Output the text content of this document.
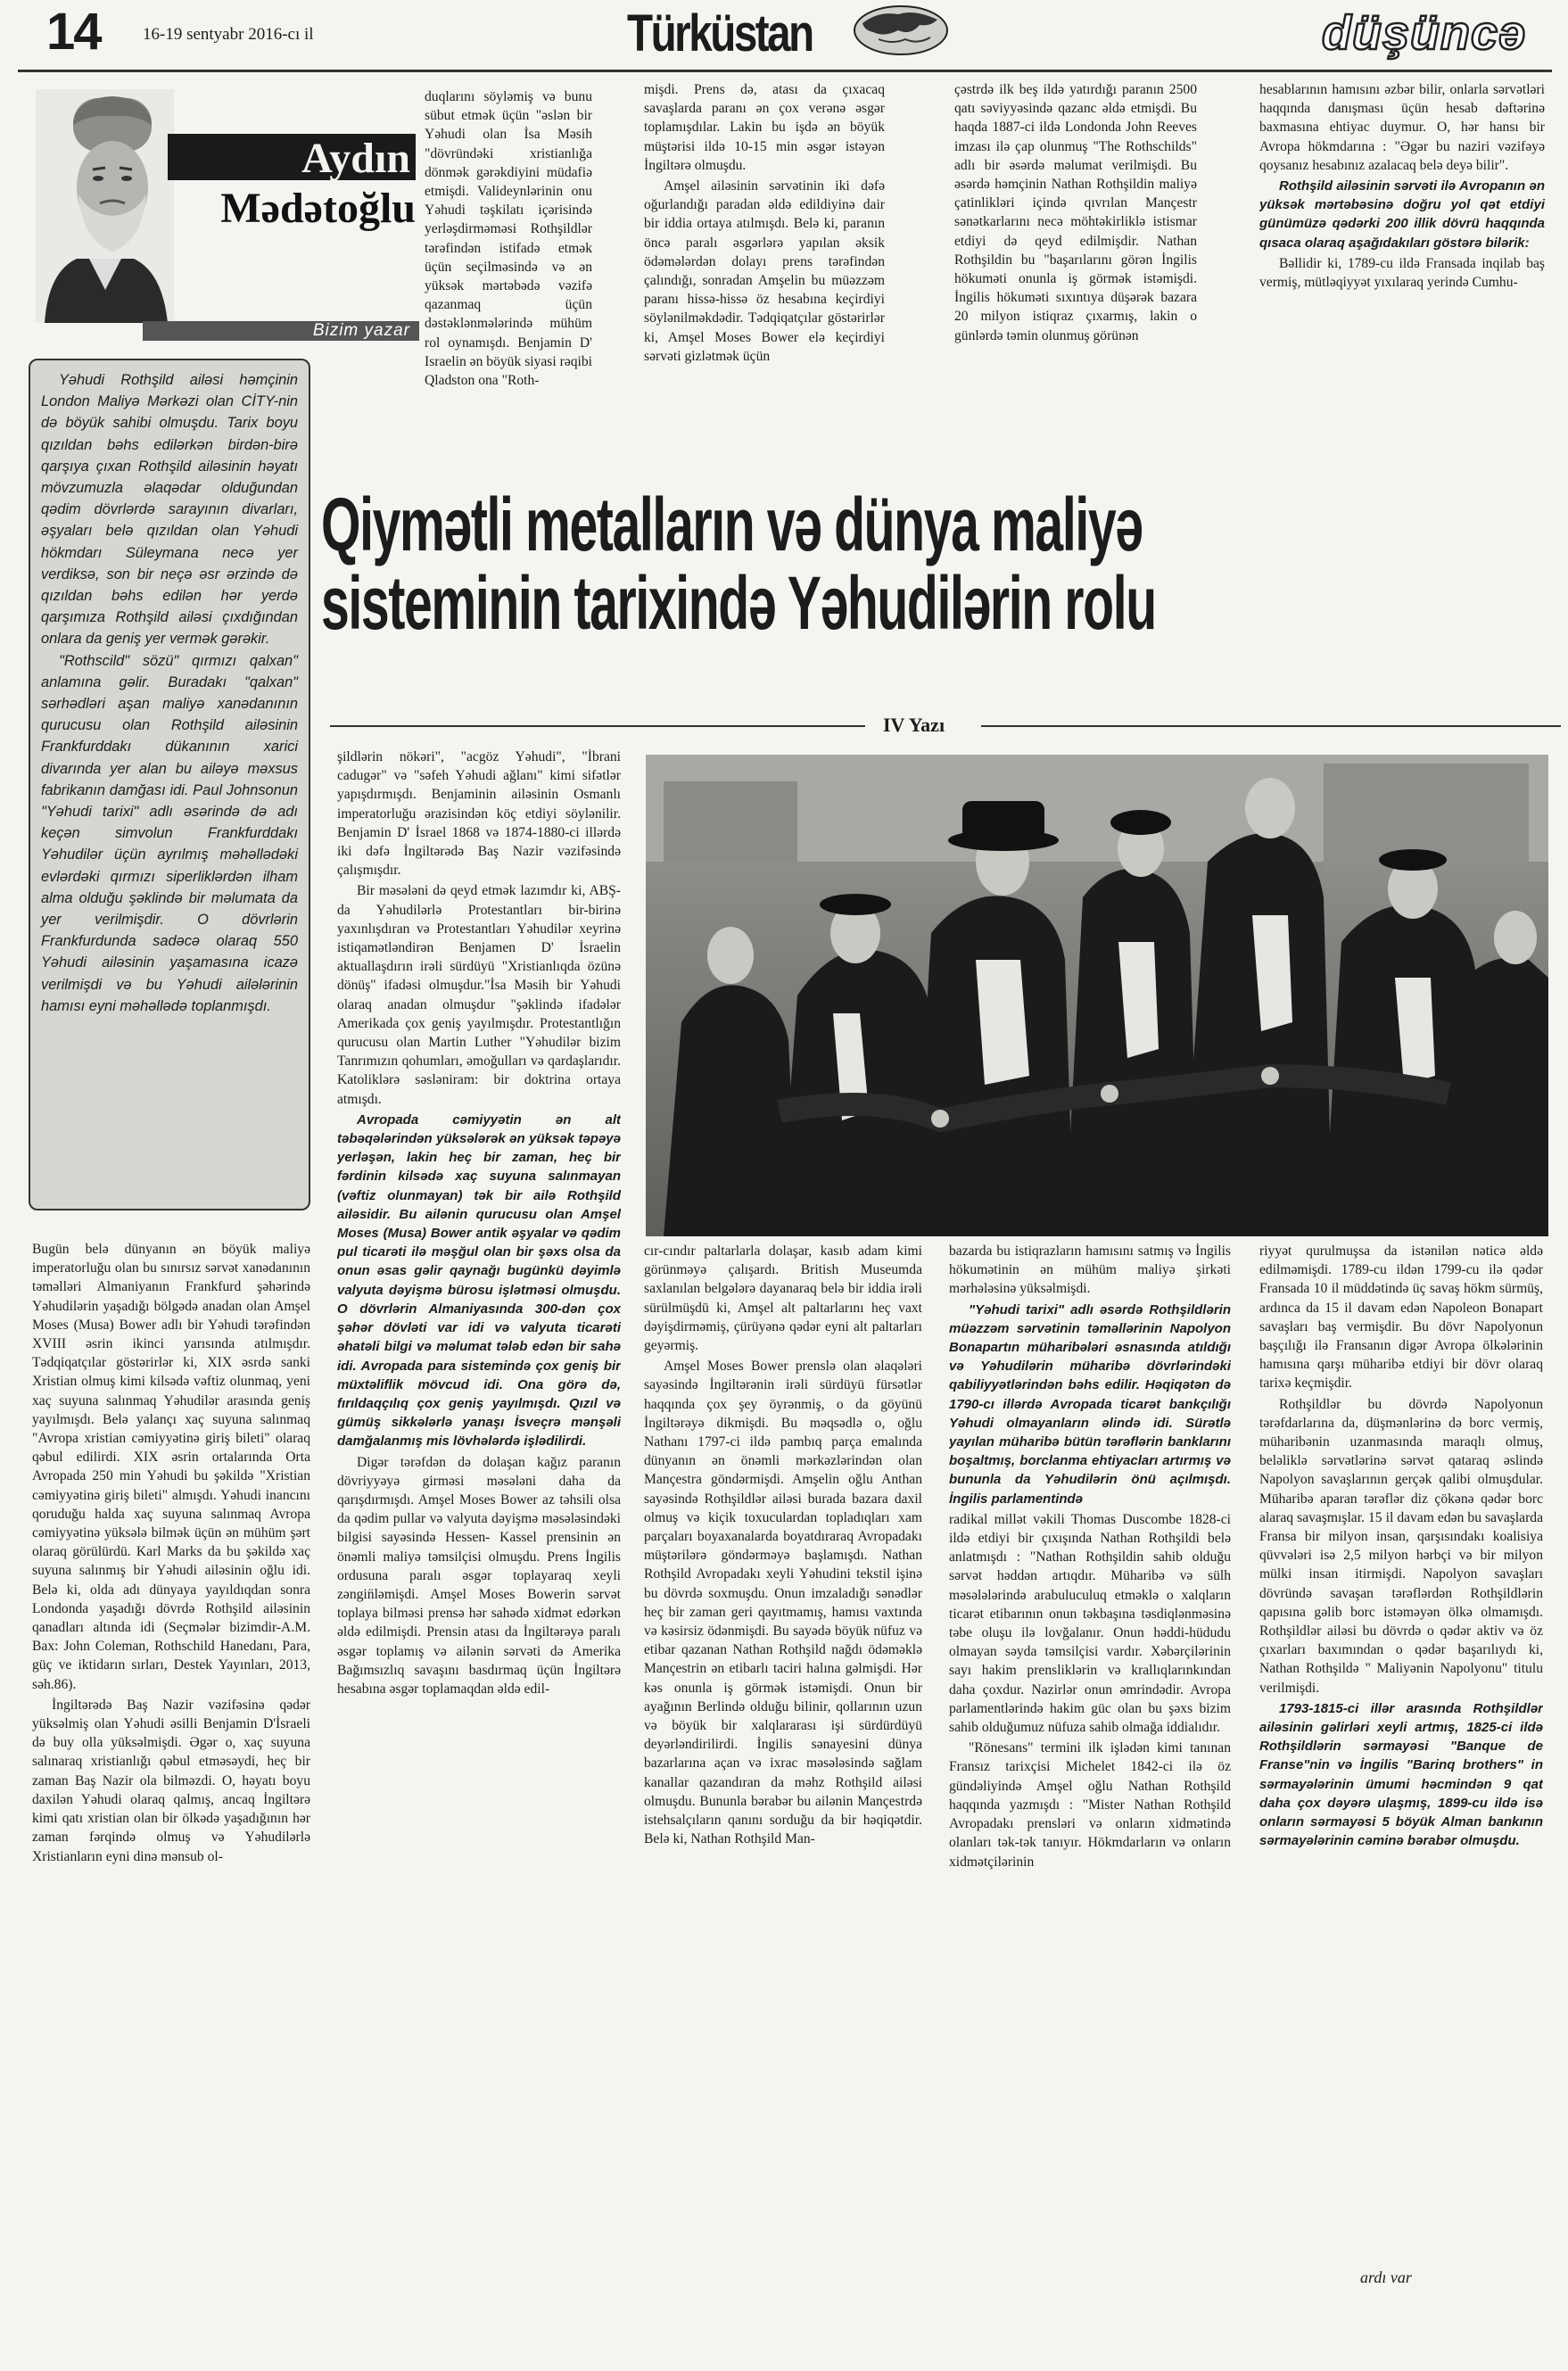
14 16-19 sentyabr 2016-cı il	Türküstan	düşüncə
Aydın
Mədətoğlu
Bizim yazar

Yəhudi Rothşild ailəsi həmçinin London Maliyə Mərkəzi olan CİTY-nin də böyük sahibi olmuşdu. Tarix boyu qızıldan bəhs edilərkən birdən-birə qarşıya çıxan Rothşild ailəsinin həyatı mövzumuzla əlaqədar olduğundan qədim dövrlərdə sarayının divarları, əşyaları belə qızıldan olan Yəhudi hökmdarı Süleymana necə yer verdiksə, son bir neçə əsr ərzində də qızıldan bəhs edilən hər yerdə qarşımıza Rothşild ailəsi çıxdığından onlara da geniş yer vermək gərəkir.

"Rothscild" sözü" qırmızı qalxan" anlamına gəlir. Buradakı "qalxan" sərhədləri aşan maliyə xanədanının qurucusu olan Rothşild ailəsinin Frankfurddakı dükanının xarici divarında yer alan bu ailəyə məxsus fabrikanın damğası idi. Paul Johnsonun "Yəhudi tarixi" adlı əsərində də adı keçən simvolun Frankfurddakı Yəhudilər üçün ayrılmış məhəllədəki evlərdəki qırmızı siperliklərdən ilham alma olduğu şəklində bir məlumata da yer verilmişdir. O dövrlərin Frankfurdunda sadəcə olaraq 550 Yəhudi ailəsinin yaşamasına icazə verilmişdi və bu Yəhudi ailələrinin hamısı eyni məhəllədə toplanmışdı.

duqlarını söyləmiş və bunu sübut etmək üçün "əslən bir Yəhudi olan İsa Məsih "dövründəki xristianlığa dönmək gərəkdiyini müdafiə etmişdi. Valideynlərinin onu Yəhudi təşkilatı içərisində yerləşdirməməsi Rothşildlər tərəfindən istifadə etmək üçün seçilməsində və ən yüksək mərtəbədə vəzifə qazanmaq üçün dəstəklənmələrində mühüm rol oynamışdı. Benjamin D' Israelin ən böyük siyasi rəqibi Qladston ona "Roth-

mişdi. Prens də, atası da çıxacaq savaşlarda paranı ən çox verənə əsgər toplamışdılar. Lakin bu işdə ən böyük müştərisi ildə 10-15 min əsgər istəyən İngiltərə olmuşdu.

Amşel ailəsinin sərvətinin iki dəfə oğurlandığı paradan əldə edildiyinə dair bir iddia ortaya atılmışdı. Belə ki, paranın öncə paralı əsgərlərə yapılan əksik ödəmələrdən dolayı prens tərəfindən çalındığı, sonradan Amşelin bu müəzzəm paranı hissə-hissə öz hesabına keçirdiyi söylənilməkdədir. Tədqiqatçılar göstərirlər ki, Amşel Moses Bower elə keçirdiyi sərvəti gizlətmək üçün

çəstrdə ilk beş ildə yatırdığı paranın 2500 qatı səviyyəsində qazanc əldə etmişdi. Bu haqda 1887-ci ildə Londonda John Reeves imzası ilə çap olunmuş "The Rothschilds" adlı bir əsərdə məlumat verilmişdi. Bu əsərdə həmçinin Nathan Rothşildin maliyə çatinlikləri içində qıvrılan Mançestr sənətkarlarını necə möhtəkirliklə istismar etdiyi də qeyd edilmişdir. Nathan Rothşildin bu "başarılarını görən İngilis hökuməti onunla iş görmək istəmişdi. İngilis hökuməti sıxıntıya düşərək bazara 20 milyon istiqraz çıxarmış, lakin o günlərdə təmin olunmuş görünən

hesablarının hamısını əzbər bilir, onlarla sərvətləri haqqında danışması üçün hesab dəftərinə baxmasına ehtiyac duymur. O, hər hansı bir Avropa hökmdarına : "Əgər bu naziri vəzifəyə qoysanız hesabınız azalacaq belə deyə bilir".

Rothşild ailəsinin sərvəti ilə Avropanın ən yüksək mərtəbəsinə doğru yol qət etdiyi günümüzə qədərki 200 illik dövrü haqqında qısaca olaraq aşağıdakıları göstərə bilərik:

Bəllidir ki, 1789-cu ildə Fransada inqilab baş vermiş, mütləqiyyət yıxılaraq yerində Cumhu-

Qiymətli metalların və dünya maliyə
sisteminin tarixində Yəhudilərin rolu
IV Yazı

Bugün belə dünyanın ən böyük maliyə imperatorluğu olan bu sınırsız sərvət xanədanının təməlləri Almaniyanın Frankfurd şəhərində Yəhudilərin yaşadığı bölgədə anadan olan Amşel Moses (Musa) Bower adlı bir Yəhudi tərəfindən XVIII əsrin ikinci yarısında atılmışdır. Tədqiqatçılar göstərirlər ki, XIX əsrdə sanki Xristian olmuş kimi kilsədə vəftiz olunmaq, yeni xaç suyuna salınmaq Yəhudilər arasında geniş yayılmışdı. Belə yalançı xaç suyuna salınmaq "Avropa xristian cəmiyyətinə giriş bileti" olaraq qəbul edilirdi. XIX əsrin ortalarında Orta Avropada 250 min Yəhudi bu şəkildə "Xristian cəmiyyətinə giriş bileti" almışdı. Yəhudi inancını qoruduğu halda xaç suyuna salınmaq Avropa cəmiyyətinə yüksələ bilmək üçün ən mühüm şərt olaraq görülürdü. Karl Marks da bu şəkildə xaç suyuna salınmış bir Yəhudi ailəsinin oğlu idi. Belə ki, olda adı dünyaya yayıldıqdan sonra Londonda yaşadığı dövrdə Rothşild ailəsinin qanadları altında idi (Seçmələr bizimdir-A.M. Bax: John Coleman, Rothschild Hanedanı, Para, güç ve iktidarın sırları, Destek Yayınları, 2013, səh.86).

İngiltərədə Baş Nazir vəzifəsinə qədər yüksəlmiş olan Yəhudi əsilli Benjamin D'İsraeli də buy olla yüksəlmişdi. Əgər o, xaç suyuna salınaraq xristianlığı qəbul etməsəydi, heç bir zaman Baş Nazir ola bilməzdi. O, həyatı boyu daxilən Yəhudi olaraq qalmış, ancaq İngiltərə kimi qatı xristian olan bir ölkədə yaşadığının hər zaman fərqində olmuş və Yəhudilərlə Xristianların eyni dinə mənsub ol-

şildlərin nökəri", "acgöz Yəhudi", "İbrani cadugər" və "səfeh Yəhudi ağlanı" kimi sifətlər yapışdırmışdı. Benjaminin ailəsinin Osmanlı imperatorluğu ərazisindən köç etdiyi söylənilir. Benjamin D' İsrael 1868 və 1874-1880-ci illərdə iki dəfə İngiltərədə Baş Nazir vəzifəsində çalışmışdır.

Bir məsələni də qeyd etmək lazımdır ki, ABŞ-da Yəhudilərlə Protestantları bir-birinə yaxınlışdıran və Protestantları Yəhudilər xeyrinə istiqamətləndirən Benjamen D' İsraelin aktuallaşdırın irəli sürdüyü "Xristianlıqda özünə dönüş" ifadəsi olmuşdur."İsa Məsih bir Yəhudi olaraq anadan olmuşdur "şəklində ifadələr Amerikada çox geniş yayılmışdır. Protestantlığın qurucusu olan Martin Luther "Yəhudilər bizim Tanrımızın qohumları, əmoğulları və qardaşlarıdır. Katoliklərə səsləniram: bir doktrina ortaya atmışdı.

Avropada cəmiyyətin ən alt təbəqələrindən yüksələrək ən yüksək təpəyə yerləşən, lakin heç bir zaman, heç bir fərdinin kilsədə xaç suyuna salınmayan (vəftiz olunmayan) tək bir ailə Rothşild ailəsidir. Bu ailənin qurucusu olan Amşel Moses (Musa) Bower antik əşyalar və qədim pul ticarəti ilə məşğul olan bir şəxs olsa da onun əsas gəlir qaynağı bugünkü dəyimlə valyuta dəyişmə bürosu işlətməsi olmuşdu. O dövrlərin Almaniyasında 300-dən çox şəhər dövləti var idi və valyuta ticarəti əhatəli bilgi və məlumat tələb edən bir sahə idi. Avropada para sistemində çox geniş bir müxtəliflik mövcud idi. Ona görə də, fırıldaqçılıq çox geniş yayılmışdı. Qızıl və gümüş sikkələrlə yanaşı İsveçrə mənşəli damğalanmış mis lövhələrdə işlədilirdi.

Digər tərəfdən də dolaşan kağız paranın dövriyyəyə girməsi məsələni daha da qarışdırmışdı. Amşel Moses Bower az təhsili olsa da qədim pullar və valyuta dəyişmə məsələsindəki bilgisi sayəsində Hessen- Kassel prensinin ən önəmli maliyə təmsilçisi olmuşdu. Prens İngilis ordusuna paralı əsgər toplayaraq xeyli zəngin̈ləmişdi. Amşel Moses Bowerin sərvət toplaya bilməsi prensə hər sahədə xidmət edərkən əldə edilmişdi. Prensin atası da İngiltərəyə paralı əsgər toplamış və ailənin sərvəti də Amerika Bağımsızlıq savaşını basdırmaq üçün İngiltərə hesabına əsgər toplamaqdan əldə edil-

cır-cındır paltarlarla dolaşar, kasıb adam kimi görünməyə çalışardı. British Museumda saxlanılan belgələrə dayanaraq belə bir iddia irəli sürülmüşdü ki, Amşel alt paltarlarını heç vaxt dəyişdirməmiş, çürüyənə qədər eyni alt paltarları geyərmiş.

Amşel Moses Bower prenslə olan əlaqələri sayəsində İngiltərənin irəli sürdüyü fürsətlər haqqında çox şey öyrənmiş, o da göyünü İngiltərəyə dikmişdi. Bu məqsədlə o, oğlu Nathanı 1797-ci ildə pambıq parça emalında dünyanın ən önəmli mərkəzlərindən olan Mançestra göndərmişdi. Amşelin oğlu Anthan sayəsində Rothşildlər ailəsi burada bazara daxil olmuş və kiçik toxuculardan topladıqları xam parçaları boyaxanalarda boyatdıraraq Avropadakı müştərilərə göndərməyə başlamışdı. Nathan Rothşild Avropadakı xeyli Yəhudini tekstil işinə bu dövrdə soxmuşdu. Onun imzaladığı sənədlər heç bir zaman geri qayıtmamış, hamısı vaxtında və kəsirsiz ödənmişdi. Bu sayədə böyük nüfuz və etibar qazanan Nathan Rothşild nağdı ödəməklə Mançestrin ən etibarlı taciri halına gəlmişdi. Hər kəs onunla iş görmək istəmişdi. Onun bir ayağının Berlində olduğu bilinir, qollarının uzun və böyük bir xalqlararası işi sürdürdüyü deyərləndirilirdi. İngilis sənayesini dünya bazarlarına açan və ixrac məsələsində sağlam kanallar qazandıran da məhz Rothşild ailəsi olmuşdu. Bununla bərabər bu ailənin Mançestrdə istehsalçıların qanını sorduğu da bir həqiqətdir. Belə ki, Nathan Rothşild Man-

bazarda bu istiqrazların hamısını satmış və İngilis hökumətinin ən mühüm maliyə şirkəti mərhələsinə yüksəlmişdi.

"Yəhudi tarixi" adlı əsərdə Rothşildlərin müəzzəm sərvətinin təməllərinin Napolyon Bonapartın müharibələri əsnasında atıldığı və Yəhudilərin müharibə dövrlərindəki qabiliyyətlərindən bəhs edilir. Həqiqətən də 1790-cı illərdə Avropada ticarət bankçılığı Yəhudi olmayanların əlində idi. Sürətlə yayılan müharibə bütün tərəflərin banklarını boşaltmış, borclanma ehtiyacları artırmış və bununla da Yəhudilərin önü açılmışdı. İngilis parlamentində

radikal millət vəkili Thomas Duscombe 1828-ci ildə etdiyi bir çıxışında Nathan Rothşildi belə anlatmışdı : "Nathan Rothşildin sahib olduğu sərvət həddən artıqdır. Müharibə və sülh məsələlərində arabuluculuq etməklə o xalqların ticarət etibarının onun təkbaşına təsdiqlənməsinə təbe oluşu ilə lovğalanır. Onun həddi-hüdudu olmayan səyda təmsilçisi vardır. Xəbərçilərinin sayı hakim prensliklərin və krallıqlarınkından daha çoxdur. Nazirlər onun əmrindədir. Avropa parlamentlərində hakim güc olan bu şəxs bizim sahib olduğumuz nüfuza sahib olmağa iddialıdır.

"Rönesans" termini ilk işlədən kimi tanınan Fransız tarixçisi Michelet 1842-ci ilə öz gündəliyində Amşel oğlu Nathan Rothşild haqqında yazmışdı : "Mister Nathan Rothşild Avropadakı prensləri və onların xidmətində olanları tək-tək tanıyır. Hökmdarların və onların xidmətçilərinin

riyyət qurulmuşsa da istənilən nəticə əldə edilməmişdi. 1789-cu ildən 1799-cu ilə qədər Fransada 10 il müddətində üç savaş hökm sürmüş, ardınca da 15 il davam edən Napoleon Bonapart savaşları baş vermişdir. Bu dövr Napolyonun başçılığı ilə Fransanın digər Avropa ölkələrinin hamısına qarşı müharibə etdiyi bir dövr olaraq tarixə keçmişdir.

Rothşildlər bu dövrdə Napolyonun tərəfdarlarına da, düşmənlərinə də borc vermiş, müharibənin uzanmasında maraqlı olmuş, beləliklə sərvətlərinə sərvət qataraq əslində Napolyon savaşlarının gerçək qalibi olmuşdular. Müharibə aparan tərəflər diz çökənə qədər borc alaraq savaşmışlar. 15 il davam edən bu savaşlarda Fransa bir milyon insan, qarşısındakı koalisiya qüvvələri isə 2,5 milyon hərbçi və bir milyon mülki insan itirmişdi. Napolyon savaşları dövründə savaşan tərəflərdən Rothşildlərin qapısına gəlib borc istəməyən ölkə olmamışdı. Rothşildlər ailəsi bu dövrdə o qədər aktiv və öz çıxarları baxımından o qədər başarılıydı ki, Nathan Rothşildə " Maliyənin Napolyonu" titulu verilmişdi.

1793-1815-ci illər arasında Rothşildlər ailəsinin gəlirləri xeyli artmış, 1825-ci ildə Rothşildlərin sərmayəsi "Banque de Franse"nin və İngilis "Barinq brothers" in sərmayələrinin ümumi həcmindən 9 qat daha çox dəyərə ulaşmış, 1899-cu ildə isə onların sərmayəsi 5 böyük Alman bankının sərmayələrinin cəminə bərabər olmuşdu.

ardı var
